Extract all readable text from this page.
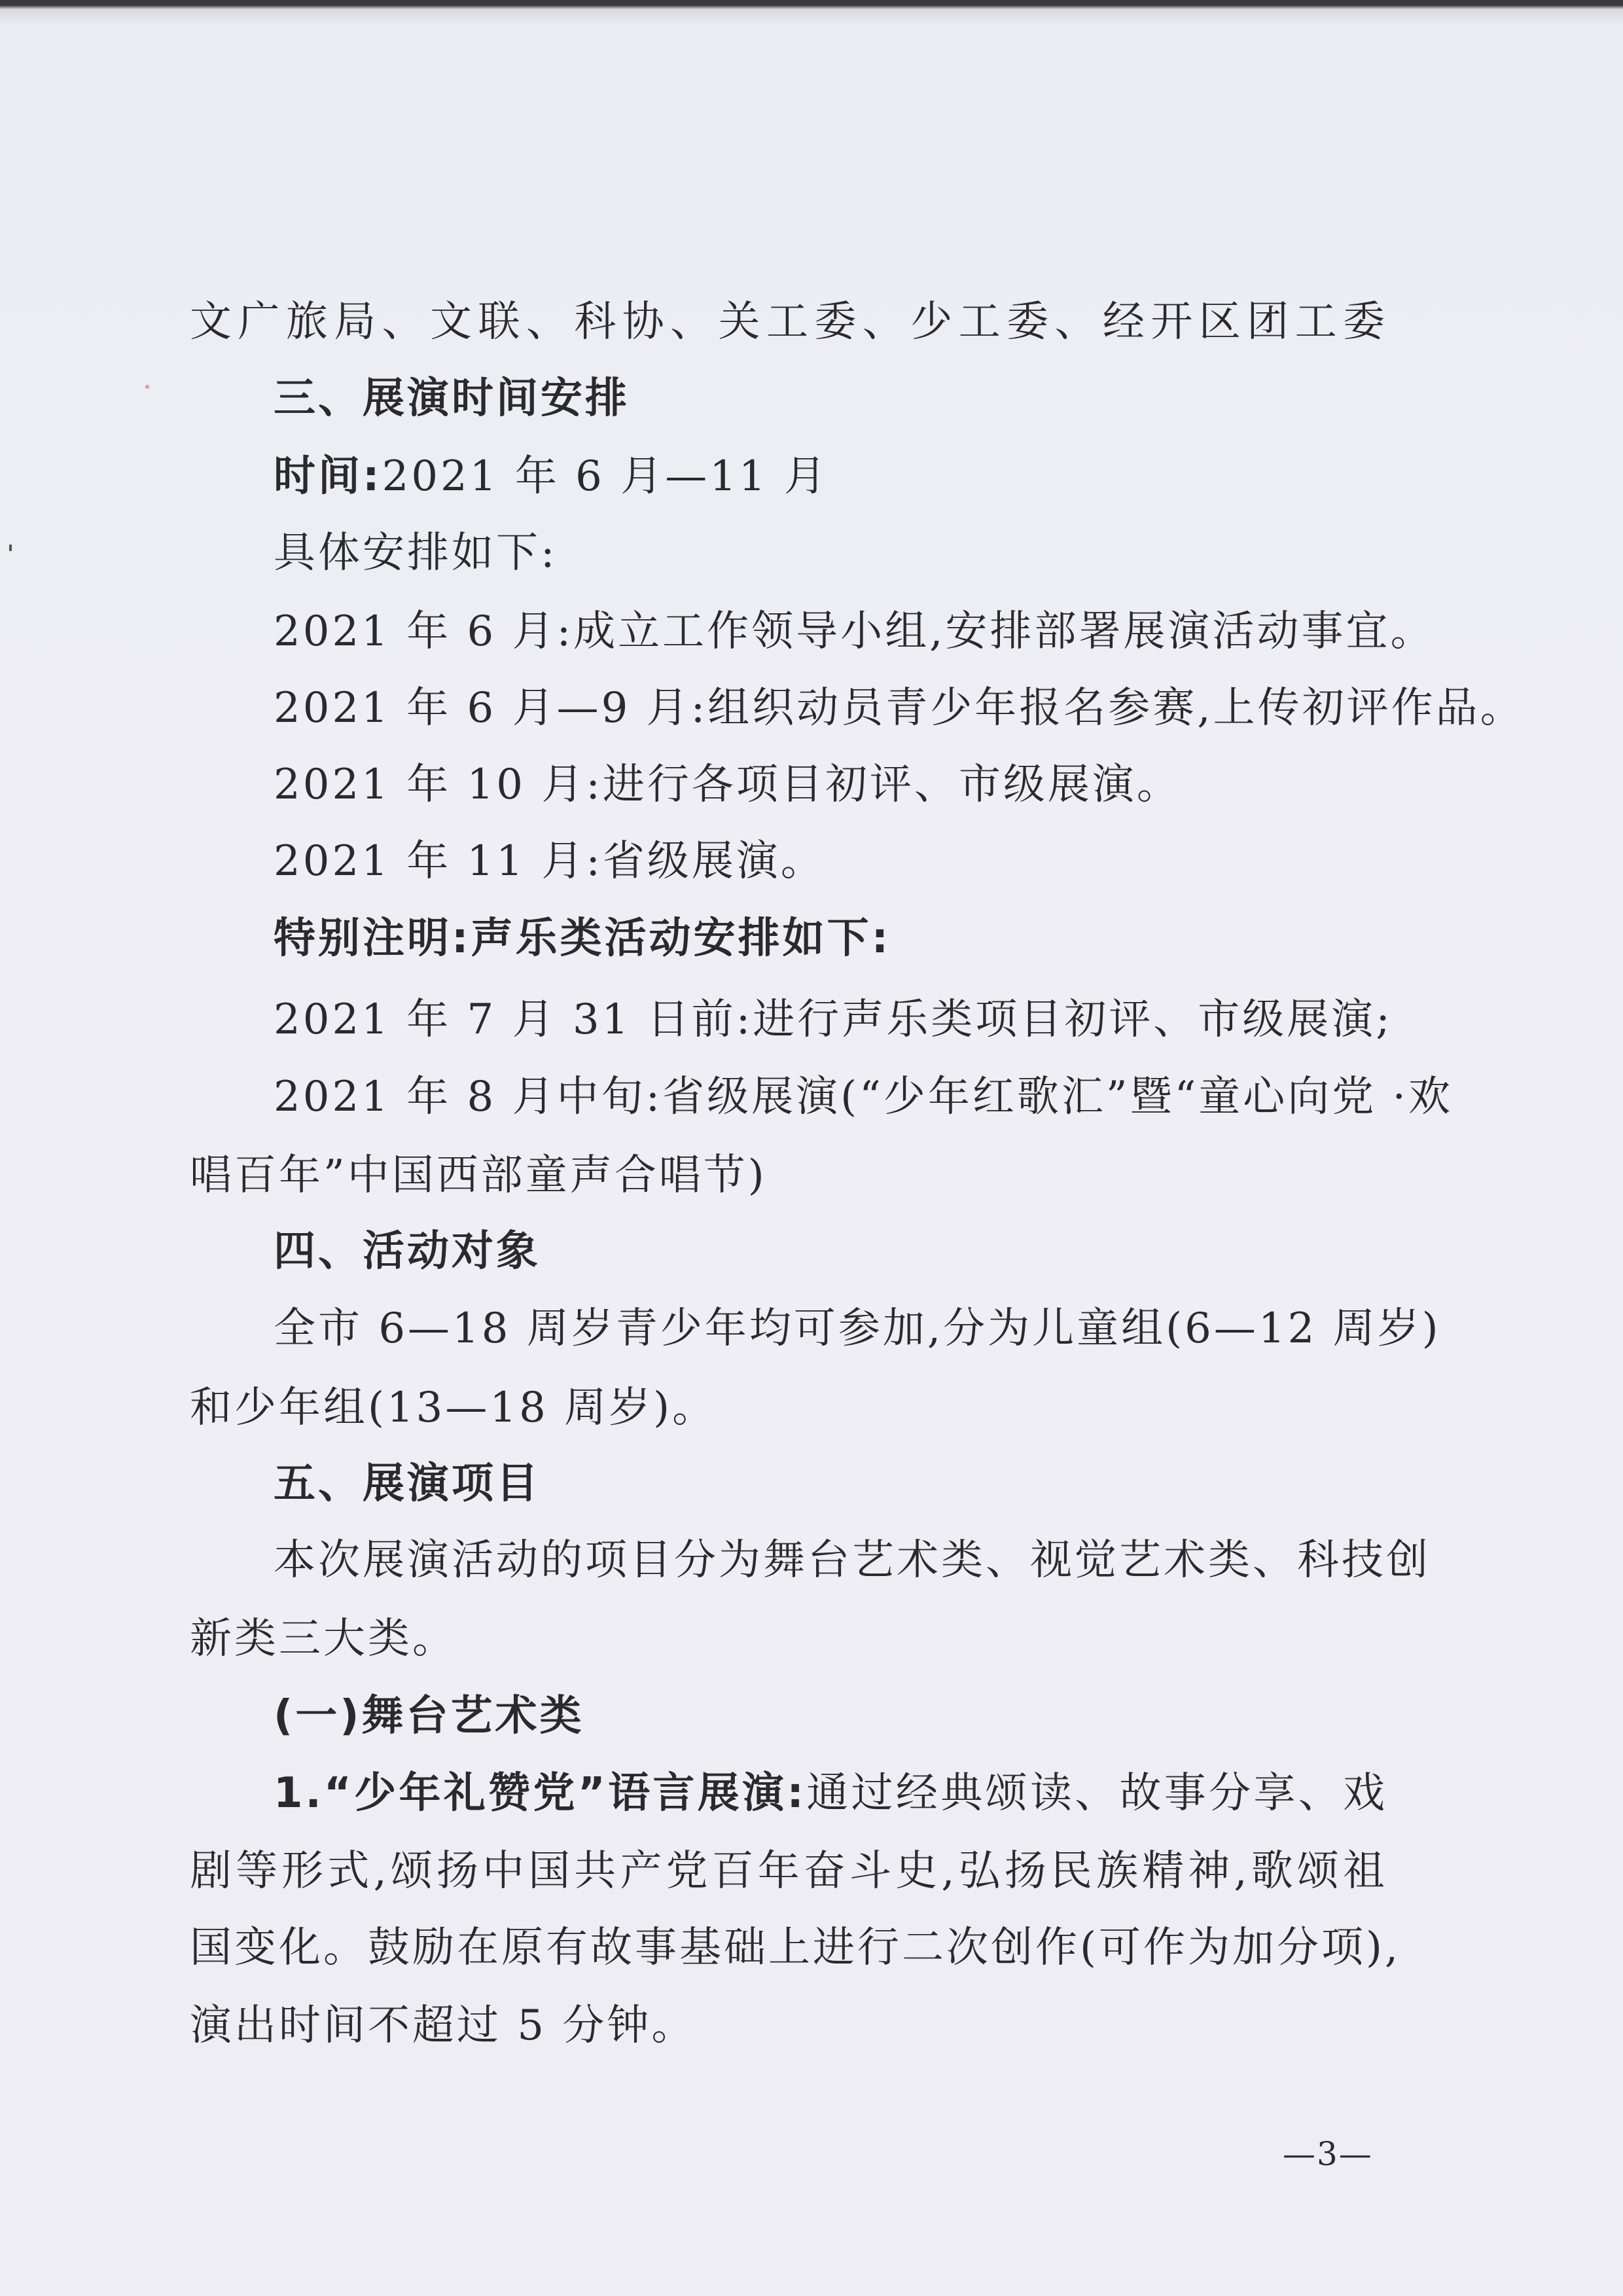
文广旅局、文联、科协、关工委、少工委、经开区团工委
三、展演时间安排
时间:2021 年 6 月—11 月
具体安排如下:
2021 年 6 月:成立工作领导小组,安排部署展演活动事宜。
2021 年 6 月—9 月:组织动员青少年报名参赛,上传初评作品。
2021 年 10 月:进行各项目初评、市级展演。
2021 年 11 月:省级展演。
特别注明:声乐类活动安排如下:
2021 年 7 月 31 日前:进行声乐类项目初评、市级展演;
2021 年 8 月中旬:省级展演(“少年红歌汇”暨“童心向党 ·欢
唱百年”中国西部童声合唱节)
四、活动对象
全市 6—18 周岁青少年均可参加,分为儿童组(6—12 周岁)
和少年组(13—18 周岁)。
五、展演项目
本次展演活动的项目分为舞台艺术类、视觉艺术类、科技创
新类三大类。
(一)舞台艺术类
1.“少年礼赞党”语言展演:通过经典颂读、故事分享、戏
剧等形式,颂扬中国共产党百年奋斗史,弘扬民族精神,歌颂祖
国变化。鼓励在原有故事基础上进行二次创作(可作为加分项),
演出时间不超过 5 分钟。
—3—
